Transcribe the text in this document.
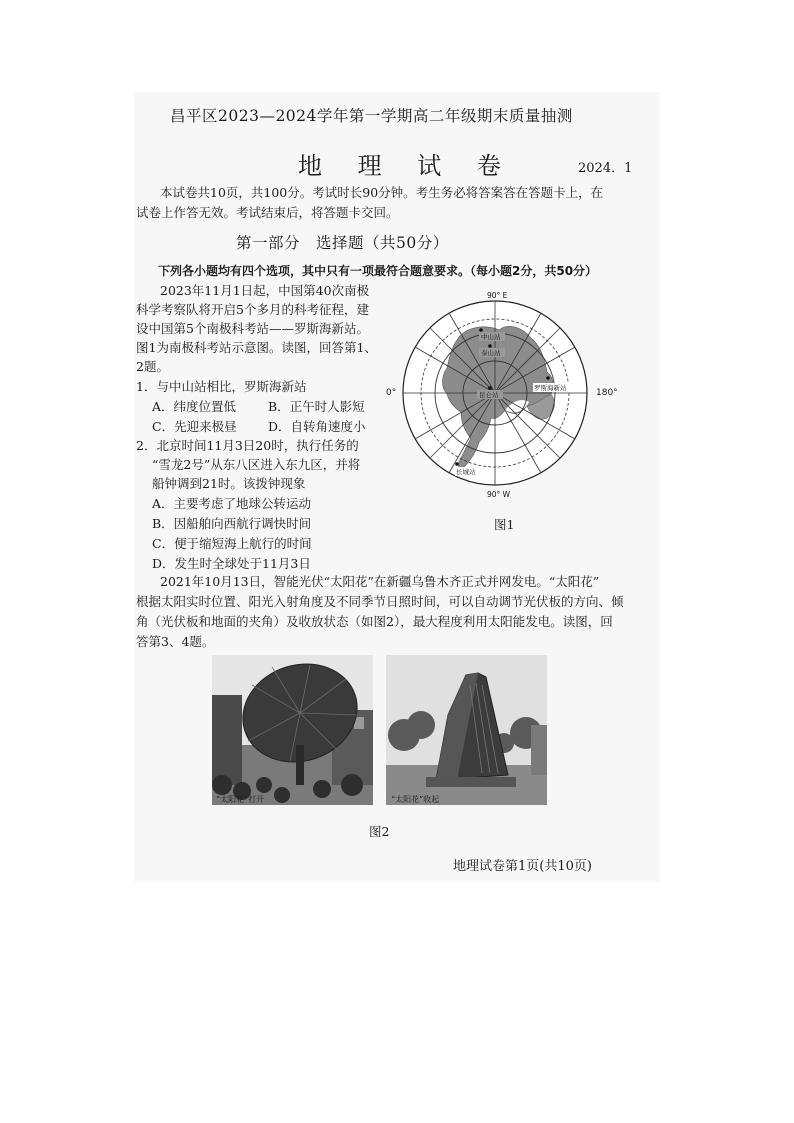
昌平区2023—2024学年第一学期高二年级期末质量抽测
地 理 试 卷	2024．1
本试卷共10页，共100分。考试时长90分钟。考生务必将答案答在答题卡上，在
试卷上作答无效。考试结束后，将答题卡交回。
第一部分　选择题（共50分）
下列各小题均有四个选项，其中只有一项最符合题意要求。（每小题2分，共50分）
2023年11月1日起，中国第40次南极
科学考察队将开启5个多月的科考征程，建
设中国第5个南极科考站——罗斯海新站。
图1为南极科考站示意图。读图，回答第1、
2题。
1．与中山站相比，罗斯海新站
A．纬度位置低	B．正午时人影短
C．先迎来极昼	D．自转角速度小
2．北京时间11月3日20时，执行任务的
“雪龙2号”从东八区进入东九区，并将
船钟调到21时。该拨钟现象
A．主要考虑了地球公转运动
B．因船舶向西航行调快时间
C．便于缩短海上航行的时间
D．发生时全球处于11月3日
中山站
泰山站
昆仑站
罗斯海新站
长城站
90° E
90° W
0°	180°
图1
2021年10月13日，智能光伏“太阳花”在新疆乌鲁木齐正式并网发电。“太阳花”
根据太阳实时位置、阳光入射角度及不同季节日照时间，可以自动调节光伏板的方向、倾
角（光伏板和地面的夹角）及收放状态（如图2），最大程度利用太阳能发电。读图，回
答第3、4题。
“太阳花”打开	“太阳花”收起
图2
地理试卷第1页(共10页)
